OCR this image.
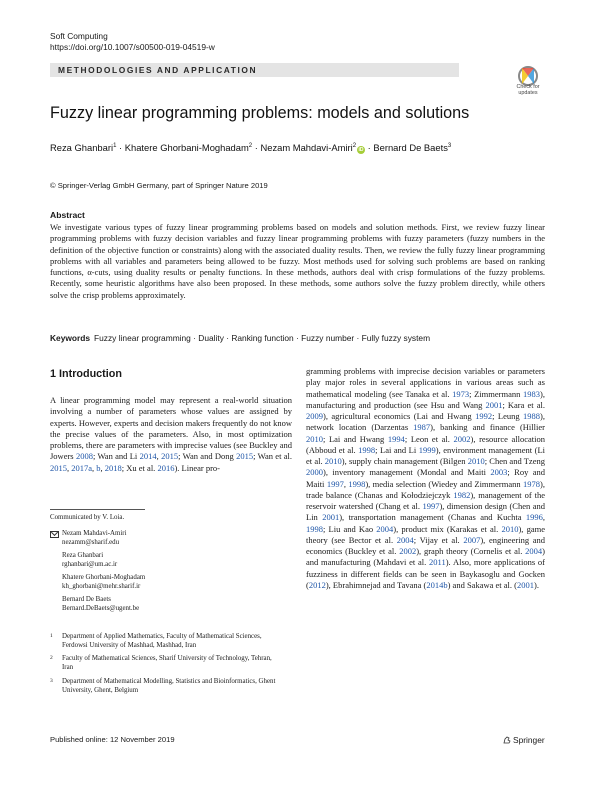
Soft Computing
https://doi.org/10.1007/s00500-019-04519-w
METHODOLOGIES AND APPLICATION
Check for
updates
Fuzzy linear programming problems: models and solutions
Reza Ghanbari$^1$ · Khatere Ghorbani-Moghadam$^2$ · Nezam Mahdavi-Amiri$^2$iD · Bernard De Baets$^3$
© Springer-Verlag GmbH Germany, part of Springer Nature 2019
Abstract
We investigate various types of fuzzy linear programming problems based on models and solution methods. First, we review fuzzy linear programming problems with fuzzy decision variables and fuzzy linear programming problems with fuzzy parameters (fuzzy numbers in the definition of the objective function or constraints) along with the associated duality results. Then, we review the fully fuzzy linear programming problems with all variables and parameters being allowed to be fuzzy. Most methods used for solving such problems are based on ranking functions, α-cuts, using duality results or penalty functions. In these methods, authors deal with crisp formulations of the fuzzy problems. Recently, some heuristic algorithms have also been proposed. In these methods, some authors solve the fuzzy problem directly, while others solve the crisp problems approximately.
Keywords Fuzzy linear programming · Duality · Ranking function · Fuzzy number · Fully fuzzy system
1 Introduction
A linear programming model may represent a real-world situation involving a number of parameters whose values are assigned by experts. However, experts and decision makers frequently do not know the precise values of the parameters. Also, in most optimization problems, there are parameters with imprecise values (see Buckley and Jowers 2008; Wan and Li 2014, 2015; Wan and Dong 2015; Wan et al. 2015, 2017a, b, 2018; Xu et al. 2016). Linear pro-
gramming problems with imprecise decision variables or parameters play major roles in several applications in various areas such as mathematical modeling (see Tanaka et al. 1973; Zimmermann 1983), manufacturing and production (see Hsu and Wang 2001; Kara et al. 2009), agricultural economics (Lai and Hwang 1992; Leung 1988), network location (Darzentas 1987), banking and finance (Hillier 2010; Lai and Hwang 1994; Leon et al. 2002), resource allocation (Abboud et al. 1998; Lai and Li 1999), environment management (Li et al. 2010), supply chain management (Bilgen 2010; Chen and Tzeng 2000), inventory management (Mondal and Maiti 2003; Roy and Maiti 1997, 1998), media selection (Wiedey and Zimmermann 1978), trade balance (Chanas and Kołodziejczyk 1982), management of the reservoir watershed (Chang et al. 1997), dimension design (Chen and Lin 2001), transportation management (Chanas and Kuchta 1996, 1998; Liu and Kao 2004), product mix (Karakas et al. 2010), game theory (see Bector et al. 2004; Vijay et al. 2007), engineering and economics (Buckley et al. 2002), graph theory (Cornelis et al. 2004) and manufacturing (Mahdavi et al. 2011). Also, more applications of fuzziness in different fields can be seen in Baykasoglu and Gocken (2012), Ebrahimnejad and Tavana (2014b) and Sakawa et al. (2001).
Communicated by V. Loia.
Nezam Mahdavi-Amiri
nezamm@sharif.edu
Reza Ghanbari
rghanbari@um.ac.ir
Khatere Ghorbani-Moghadam
kh_ghorbani@mehr.sharif.ir
Bernard De Baets
Bernard.DeBaets@ugent.be
1 Department of Applied Mathematics, Faculty of Mathematical Sciences, Ferdowsi University of Mashhad, Mashhad, Iran
2 Faculty of Mathematical Sciences, Sharif University of Technology, Tehran, Iran
3 Department of Mathematical Modelling, Statistics and Bioinformatics, Ghent University, Ghent, Belgium
Published online: 12 November 2019	Springer
